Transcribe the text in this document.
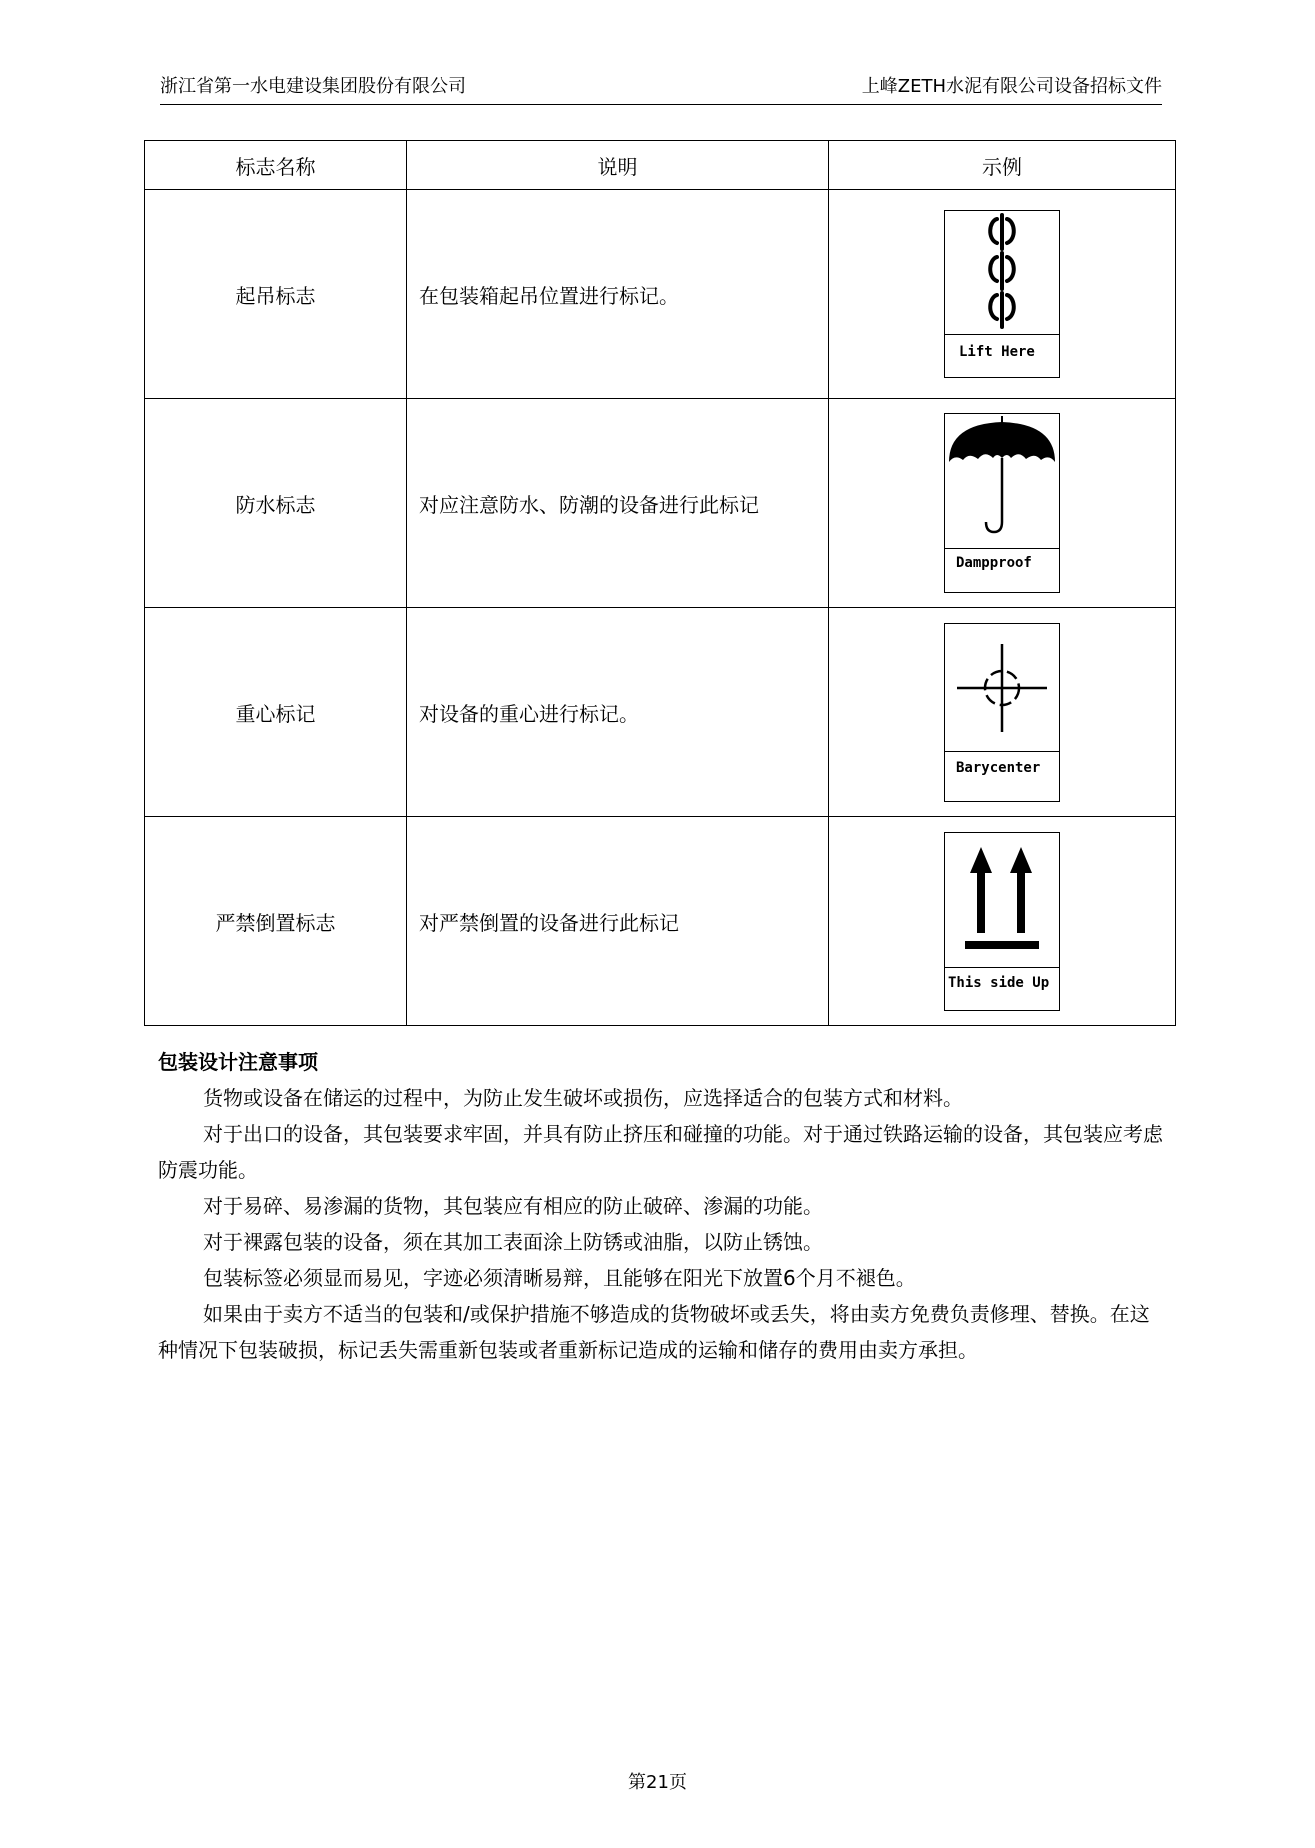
浙江省第一水电建设集团股份有限公司	上峰ZETH水泥有限公司设备招标文件
标志名称	说明	示例
起吊标志	在包装箱起吊位置进行标记。	Lift Here

防水标志	对应注意防水、防潮的设备进行此标记	Dampproof

重心标记	对设备的重心进行标记。	Barycenter

严禁倒置标志	对严禁倒置的设备进行此标记	This side Up
包装设计注意事项

货物或设备在储运的过程中，为防止发生破坏或损伤，应选择适合的包装方式和材料。

对于出口的设备，其包装要求牢固，并具有防止挤压和碰撞的功能。对于通过铁路运输的设备，其包装应考虑防震功能。

对于易碎、易渗漏的货物，其包装应有相应的防止破碎、渗漏的功能。

对于裸露包装的设备，须在其加工表面涂上防锈或油脂，以防止锈蚀。

包装标签必须显而易见，字迹必须清晰易辩，且能够在阳光下放置6个月不褪色。

如果由于卖方不适当的包装和/或保护措施不够造成的货物破坏或丢失，将由卖方免费负责修理、替换。在这种情况下包装破损，标记丢失需重新包装或者重新标记造成的运输和储存的费用由卖方承担。

第21页
